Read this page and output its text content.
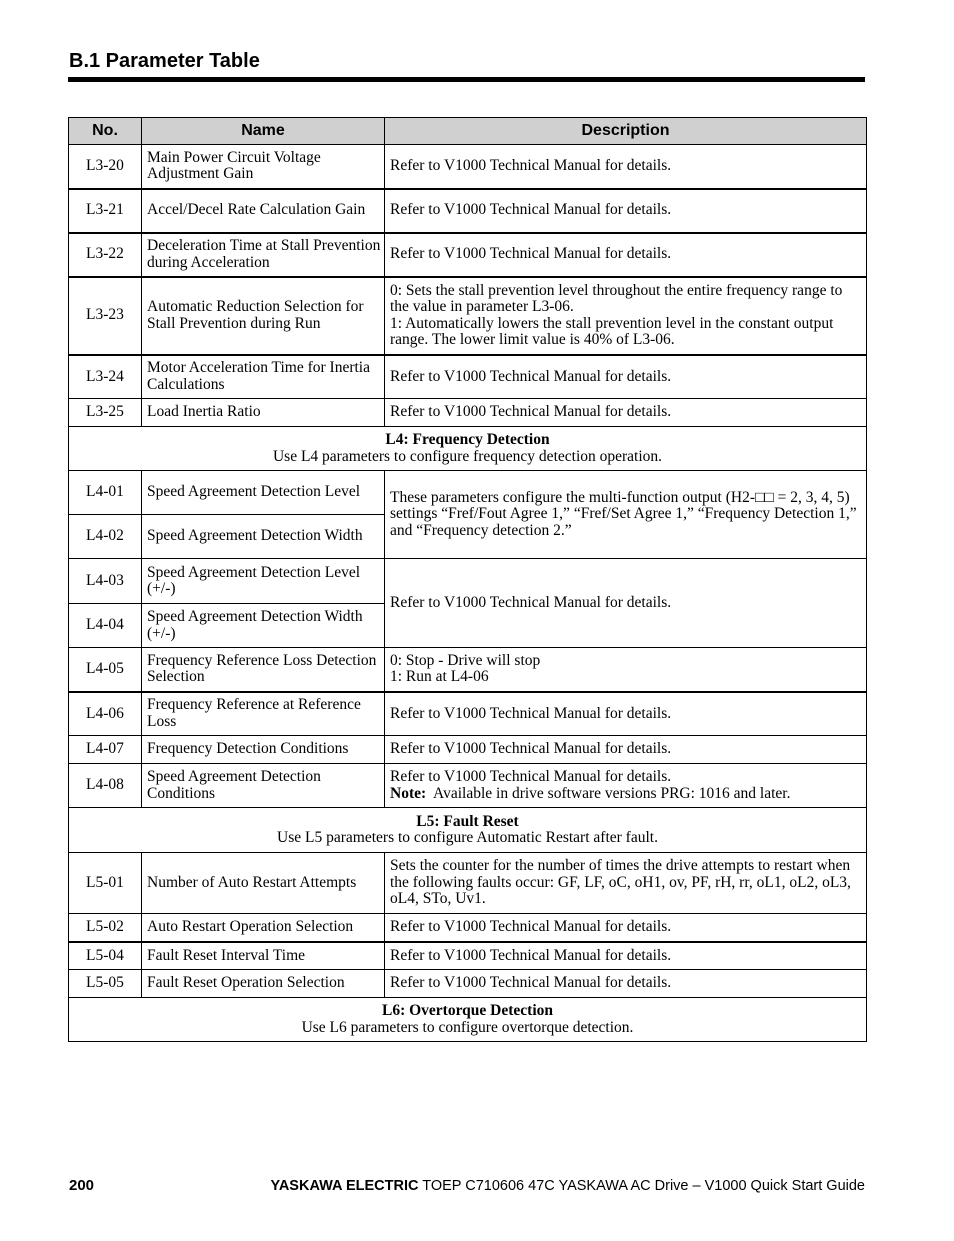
B.1 Parameter Table
No.	Name	Description
L3-20	Main Power Circuit Voltage Adjustment Gain	Refer to V1000 Technical Manual for details.
L3-21	Accel/Decel Rate Calculation Gain	Refer to V1000 Technical Manual for details.
L3-22	Deceleration Time at Stall Prevention during Acceleration	Refer to V1000 Technical Manual for details.
L3-23	Automatic Reduction Selection for Stall Prevention during Run	0: Sets the stall prevention level throughout the entire frequency range to the value in parameter L3-06.
1: Automatically lowers the stall prevention level in the constant output range. The lower limit value is 40% of L3-06.

L3-24	Motor Acceleration Time for Inertia Calculations	Refer to V1000 Technical Manual for details.
L3-25	Load Inertia Ratio	Refer to V1000 Technical Manual for details.

L4: Frequency Detection
Use L4 parameters to configure frequency detection operation.		

L4-01	Speed Agreement Detection Level	These parameters configure the multi-function output (H2-□□ = 2, 3, 4, 5) settings “Fref/Fout Agree 1,” “Fref/Set Agree 1,” “Frequency Detection 1,” and “Frequency detection 2.”
L4-02	Speed Agreement Detection Width	
L4-03	Speed Agreement Detection Level (+/-)	Refer to V1000 Technical Manual for details.
L4-04	Speed Agreement Detection Width (+/-)	
L4-05	Frequency Reference Loss Detection Selection	0: Stop - Drive will stop
1: Run at L4-06

L4-06	Frequency Reference at Reference Loss	Refer to V1000 Technical Manual for details.
L4-07	Frequency Detection Conditions	Refer to V1000 Technical Manual for details.
L4-08	Speed Agreement Detection Conditions	Refer to V1000 Technical Manual for details.
Note:  Available in drive software versions PRG: 1016 and later.

L5: Fault Reset
Use L5 parameters to configure Automatic Restart after fault.		

L5-01	Number of Auto Restart Attempts	Sets the counter for the number of times the drive attempts to restart when the following faults occur: GF, LF, oC, oH1, ov, PF, rH, rr, oL1, oL2, oL3, oL4, STo, Uv1.
L5-02	Auto Restart Operation Selection	Refer to V1000 Technical Manual for details.
L5-04	Fault Reset Interval Time	Refer to V1000 Technical Manual for details.
L5-05	Fault Reset Operation Selection	Refer to V1000 Technical Manual for details.

L6: Overtorque Detection
Use L6 parameters to configure overtorque detection.		
200	YASKAWA ELECTRIC TOEP C710606 47C YASKAWA AC Drive – V1000 Quick Start Guide
